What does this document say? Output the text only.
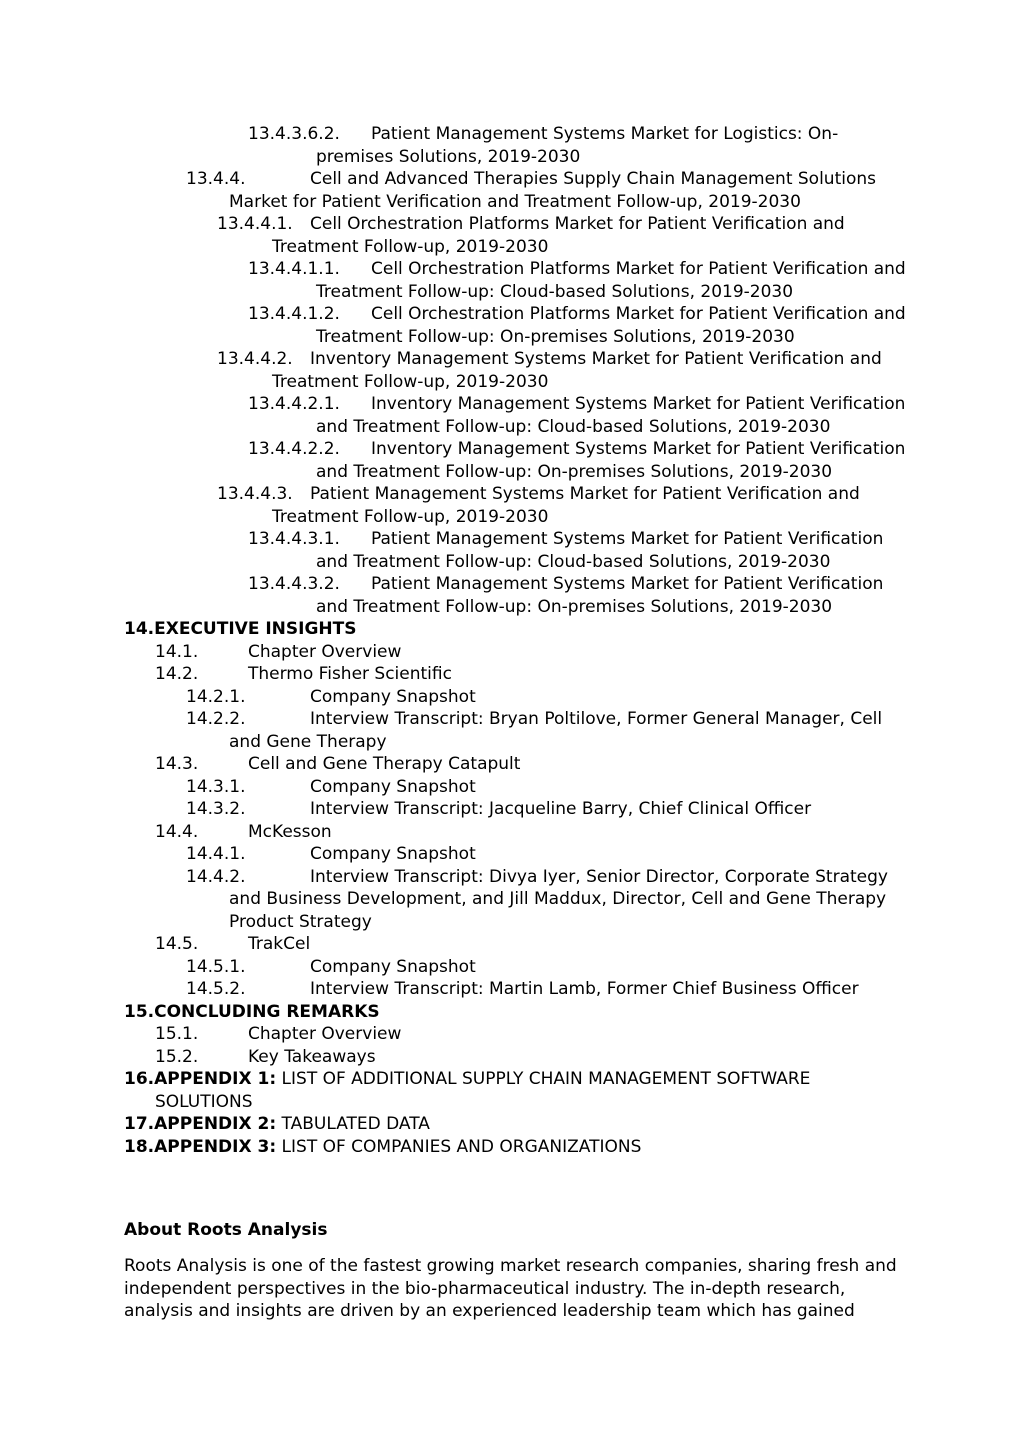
13.4.3.6.2. Patient Management Systems Market for Logistics: On-premises Solutions, 2019-2030
13.4.4.	Cell and Advanced Therapies Supply Chain Management Solutions Market for Patient Verification and Treatment Follow-up, 2019-2030
13.4.4.1. Cell Orchestration Platforms Market for Patient Verification and Treatment Follow-up, 2019-2030
13.4.4.1.1. Cell Orchestration Platforms Market for Patient Verification and Treatment Follow-up: Cloud-based Solutions, 2019-2030
13.4.4.1.2. Cell Orchestration Platforms Market for Patient Verification and Treatment Follow-up: On-premises Solutions, 2019-2030
13.4.4.2. Inventory Management Systems Market for Patient Verification and Treatment Follow-up, 2019-2030
13.4.4.2.1. Inventory Management Systems Market for Patient Verification and Treatment Follow-up: Cloud-based Solutions, 2019-2030
13.4.4.2.2. Inventory Management Systems Market for Patient Verification and Treatment Follow-up: On-premises Solutions, 2019-2030
13.4.4.3. Patient Management Systems Market for Patient Verification and Treatment Follow-up, 2019-2030
13.4.4.3.1. Patient Management Systems Market for Patient Verification and Treatment Follow-up: Cloud-based Solutions, 2019-2030
13.4.4.3.2. Patient Management Systems Market for Patient Verification and Treatment Follow-up: On-premises Solutions, 2019-2030
14.EXECUTIVE INSIGHTS
14.1.	Chapter Overview
14.2.	Thermo Fisher Scientific
14.2.1.	Company Snapshot
14.2.2.	Interview Transcript: Bryan Poltilove, Former General Manager, Cell and Gene Therapy
14.3.	Cell and Gene Therapy Catapult
14.3.1.	Company Snapshot
14.3.2.	Interview Transcript: Jacqueline Barry, Chief Clinical Officer
14.4.	McKesson
14.4.1.	Company Snapshot
14.4.2.	Interview Transcript: Divya Iyer, Senior Director, Corporate Strategy and Business Development, and Jill Maddux, Director, Cell and Gene Therapy Product Strategy
14.5.	TrakCel
14.5.1.	Company Snapshot
14.5.2.	Interview Transcript: Martin Lamb, Former Chief Business Officer
15.CONCLUDING REMARKS
15.1.	Chapter Overview
15.2.	Key Takeaways
16.APPENDIX 1: LIST OF ADDITIONAL SUPPLY CHAIN MANAGEMENT SOFTWARE SOLUTIONS
17.APPENDIX 2: TABULATED DATA
18.APPENDIX 3: LIST OF COMPANIES AND ORGANIZATIONS
About Roots Analysis
Roots Analysis is one of the fastest growing market research companies, sharing fresh and independent perspectives in the bio-pharmaceutical industry. The in-depth research, analysis and insights are driven by an experienced leadership team which has gained
